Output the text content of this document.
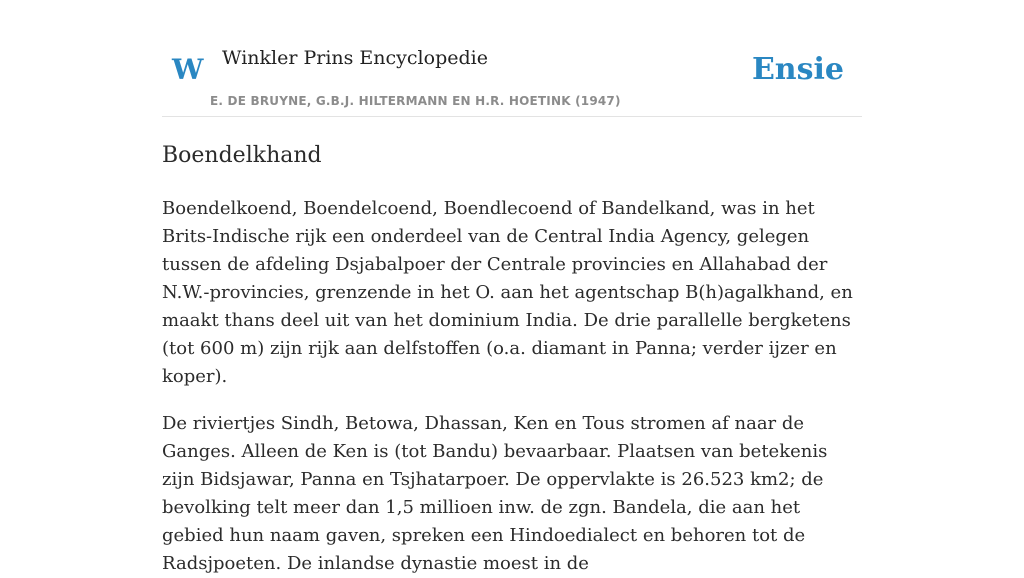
W Winkler Prins Encyclopedie
E. DE BRUYNE, G.B.J. HILTERMANN EN H.R. HOETINK (1947)
Ensie
Boendelkhand

Boendelkoend, Boendelcoend, Boendlecoend of Bandelkand, was in het Brits-Indische rijk een onderdeel van de Central India Agency, gelegen tussen de afdeling Dsjabalpoer der Centrale provincies en Allahabad der N.W.-provincies, grenzende in het O. aan het agentschap B(h)agalkhand, en maakt thans deel uit van het dominium India. De drie parallelle bergketens (tot 600 m) zijn rijk aan delfstoffen (o.a. diamant in Panna; verder ijzer en koper).

De riviertjes Sindh, Betowa, Dhassan, Ken en Tous stromen af naar de Ganges. Alleen de Ken is (tot Bandu) bevaarbaar. Plaatsen van betekenis zijn Bidsjawar, Panna en Tsjhatarpoer. De oppervlakte is 26.523 km2; de bevolking telt meer dan 1,5 millioen inw. de zgn. Bandela, die aan het gebied hun naam gaven, spreken een Hindoedialect en behoren tot de Radsjpoeten. De inlandse dynastie moest in de
